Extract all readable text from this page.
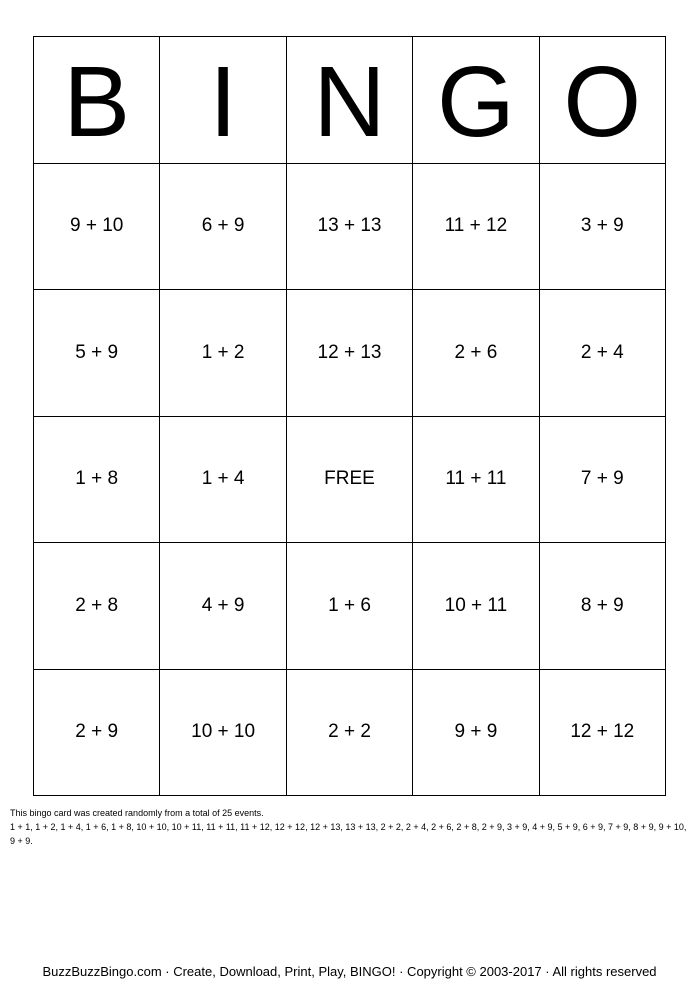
B I N G O
9 + 10	6 + 9	13 + 13	11 + 12	3 + 9
5 + 9	1 + 2	12 + 13	2 + 6	2 + 4
1 + 8	1 + 4	FREE	11 + 11	7 + 9
2 + 8	4 + 9	1 + 6	10 + 11	8 + 9
2 + 9	10 + 10	2 + 2	9 + 9	12 + 12

This bingo card was created randomly from a total of 25 events.

1 + 1, 1 + 2, 1 + 4, 1 + 6, 1 + 8, 10 + 10, 10 + 11, 11 + 11, 11 + 12, 12 + 12, 12 + 13, 13 + 13, 2 + 2, 2 + 4, 2 + 6, 2 + 8, 2 + 9, 3 + 9, 4 + 9, 5 + 9, 6 + 9, 7 + 9, 8 + 9, 9 + 10, 9 + 9.

BuzzBuzzBingo.com · Create, Download, Print, Play, BINGO! · Copyright © 2003-2017 · All rights reserved
